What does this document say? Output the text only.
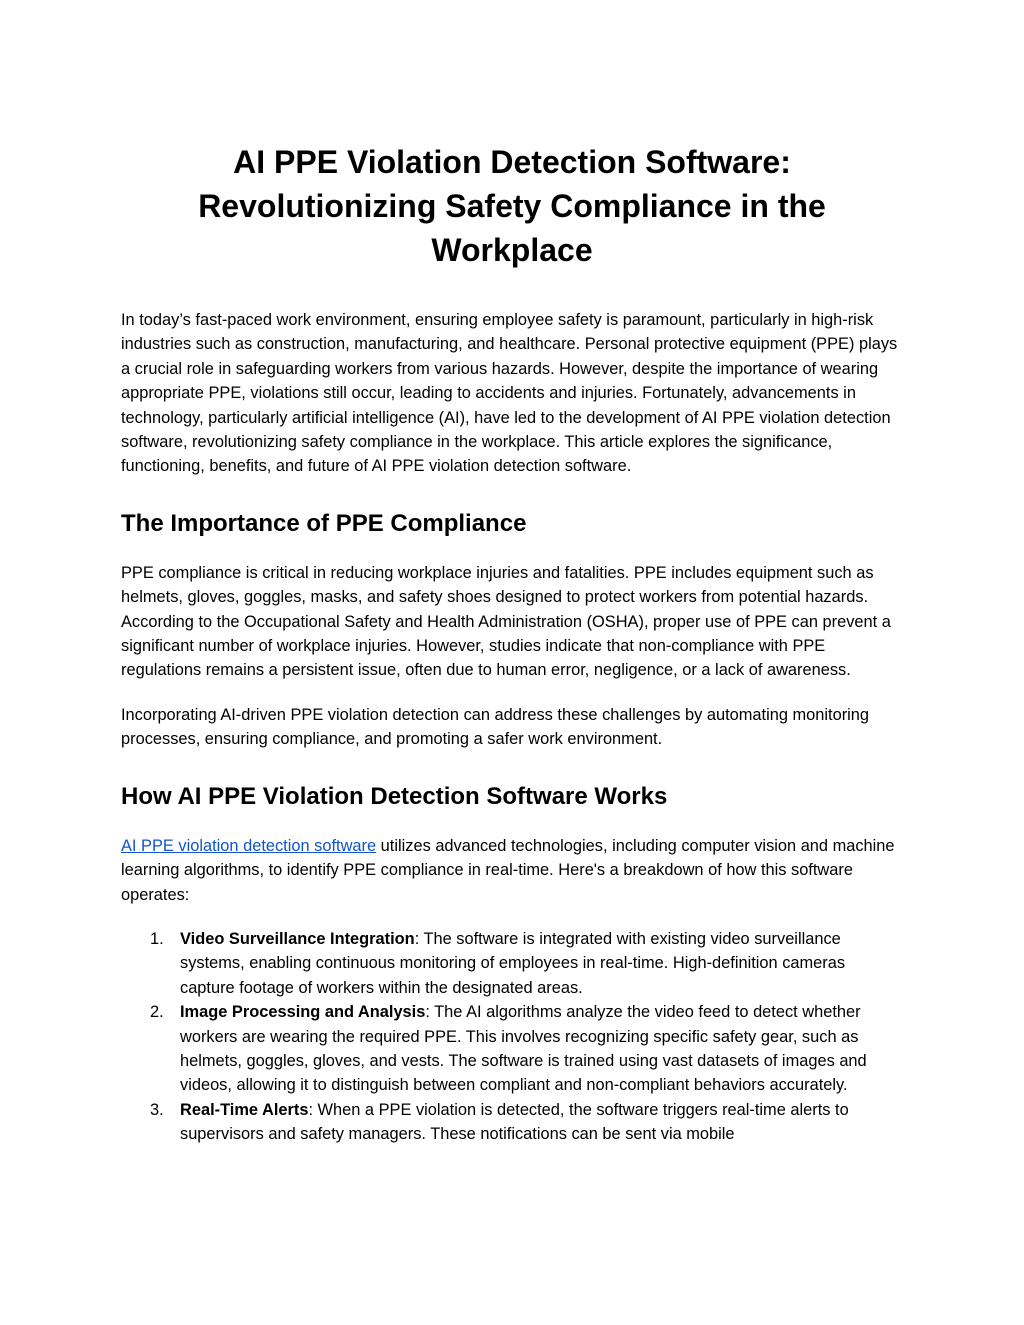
AI PPE Violation Detection Software: Revolutionizing Safety Compliance in the Workplace

In today’s fast-paced work environment, ensuring employee safety is paramount, particularly in high-risk industries such as construction, manufacturing, and healthcare. Personal protective equipment (PPE) plays a crucial role in safeguarding workers from various hazards. However, despite the importance of wearing appropriate PPE, violations still occur, leading to accidents and injuries. Fortunately, advancements in technology, particularly artificial intelligence (AI), have led to the development of AI PPE violation detection software, revolutionizing safety compliance in the workplace. This article explores the significance, functioning, benefits, and future of AI PPE violation detection software.

The Importance of PPE Compliance

PPE compliance is critical in reducing workplace injuries and fatalities. PPE includes equipment such as helmets, gloves, goggles, masks, and safety shoes designed to protect workers from potential hazards. According to the Occupational Safety and Health Administration (OSHA), proper use of PPE can prevent a significant number of workplace injuries. However, studies indicate that non-compliance with PPE regulations remains a persistent issue, often due to human error, negligence, or a lack of awareness.

Incorporating AI-driven PPE violation detection can address these challenges by automating monitoring processes, ensuring compliance, and promoting a safer work environment.

How AI PPE Violation Detection Software Works

AI PPE violation detection software utilizes advanced technologies, including computer vision and machine learning algorithms, to identify PPE compliance in real-time. Here's a breakdown of how this software operates:

1. Video Surveillance Integration: The software is integrated with existing video surveillance systems, enabling continuous monitoring of employees in real-time. High-definition cameras capture footage of workers within the designated areas.
2. Image Processing and Analysis: The AI algorithms analyze the video feed to detect whether workers are wearing the required PPE. This involves recognizing specific safety gear, such as helmets, goggles, gloves, and vests. The software is trained using vast datasets of images and videos, allowing it to distinguish between compliant and non-compliant behaviors accurately.
3. Real-Time Alerts: When a PPE violation is detected, the software triggers real-time alerts to supervisors and safety managers. These notifications can be sent via mobile
